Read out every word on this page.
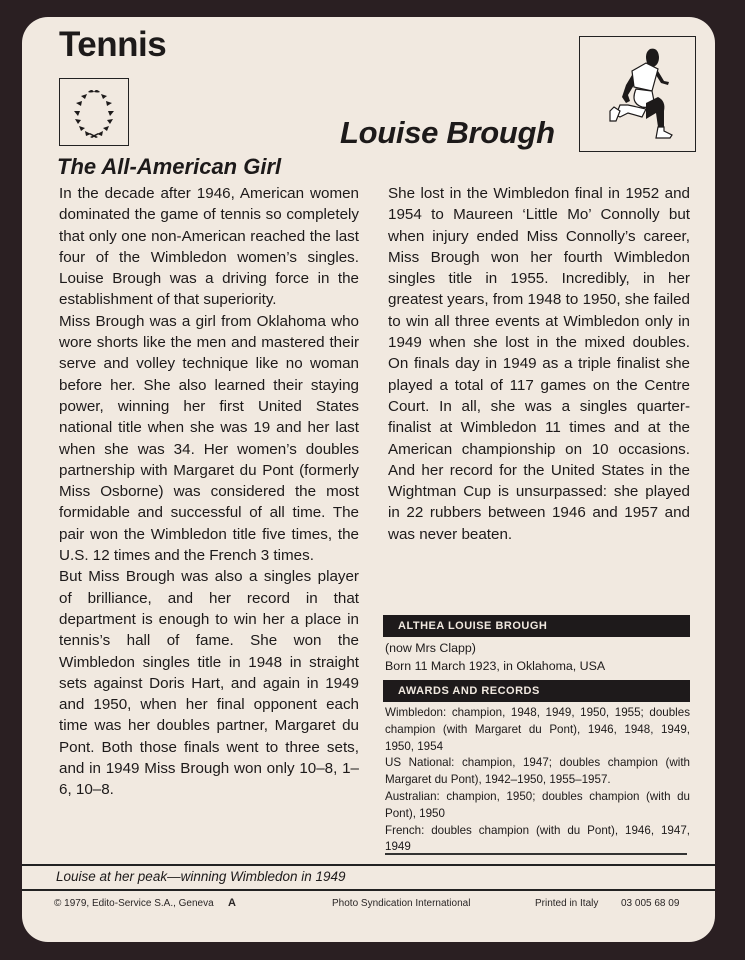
Tennis
Louise Brough
The All-American Girl

In the decade after 1946, American women dominated the game of tennis so completely that only one non-American reached the last four of the Wimbledon women’s singles. Louise Brough was a driving force in the establishment of that superiority.

Miss Brough was a girl from Oklahoma who wore shorts like the men and mastered their serve and volley technique like no woman before her. She also learned their staying power, winning her first United States national title when she was 19 and her last when she was 34. Her women’s doubles partnership with Margaret du Pont (formerly Miss Osborne) was considered the most formidable and successful of all time. The pair won the Wimbledon title five times, the U.S. 12 times and the French 3 times.

But Miss Brough was also a singles player of brilliance, and her record in that department is enough to win her a place in tennis’s hall of fame. She won the Wimbledon singles title in 1948 in straight sets against Doris Hart, and again in 1949 and 1950, when her final opponent each time was her doubles partner, Margaret du Pont. Both those finals went to three sets, and in 1949 Miss Brough won only 10–8, 1–6, 10–8.

She lost in the Wimbledon final in 1952 and 1954 to Maureen ‘Little Mo’ Connolly but when injury ended Miss Connolly’s career, Miss Brough won her fourth Wimbledon singles title in 1955. Incredibly, in her greatest years, from 1948 to 1950, she failed to win all three events at Wimbledon only in 1949 when she lost in the mixed doubles. On finals day in 1949 as a triple finalist she played a total of 117 games on the Centre Court. In all, she was a singles quarter-finalist at Wimbledon 11 times and at the American championship on 10 occasions. And her record for the United States in the Wightman Cup is unsurpassed: she played in 22 rubbers between 1946 and 1957 and was never beaten.

ALTHEA LOUISE BROUGH
(now Mrs Clapp)
Born 11 March 1923, in Oklahoma, USA
AWARDS AND RECORDS
Wimbledon: champion, 1948, 1949, 1950, 1955; doubles champion (with Margaret du Pont), 1946, 1948, 1949, 1950, 1954
US National: champion, 1947; doubles champion (with Margaret du Pont), 1942–1950, 1955–1957.
Australian: champion, 1950; doubles champion (with du Pont), 1950
French: doubles champion (with du Pont), 1946, 1947, 1949
Louise at her peak—winning Wimbledon in 1949
© 1979, Edito-Service S.A., Geneva A	Photo Syndication International	Printed in Italy 03 005 68 09
